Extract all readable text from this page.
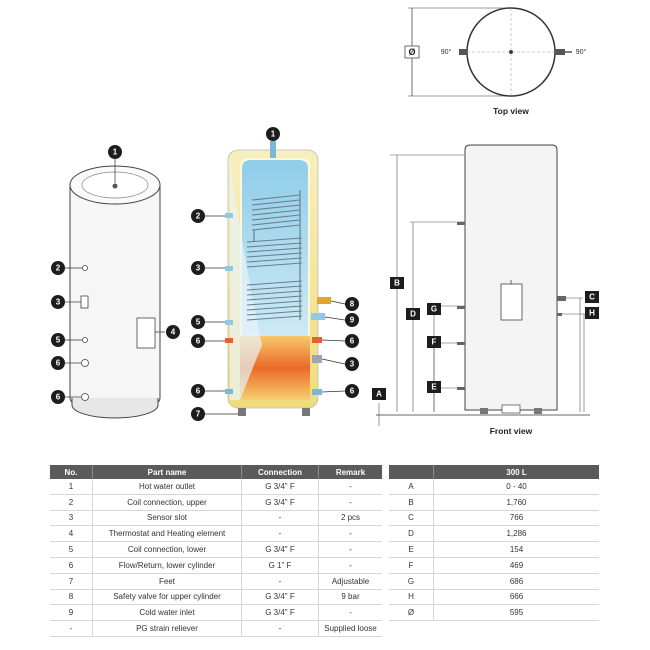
Ø	90°	90°
Top view
1
2
3
5
6
6
4
1
2
3
5
6
6
7
8
9
6
3
6	A
B
C
D
E
F
G	H
Front view
No.	Part name	Connection	Remark
1	Hot water outlet	G 3/4" F	-
2	Coil connection, upper	G 3/4" F	-
3	Sensor slot	-	2 pcs
4	Thermostat and Heating element	-	-
5	Coil connection, lower	G 3/4" F	-
6	Flow/Return, lower cylinder	G 1" F	-
7	Feet	-	Adjustable
8	Safety valve for upper cylinder	G 3/4" F	9 bar
9	Cold water inlet	G 3/4" F	-
-	PG strain reliever	-	Supplied loose
	300 L
A	0 - 40
B	1,760
C	766
D	1,286
E	154
F	469
G	686
H	666
Ø	595
